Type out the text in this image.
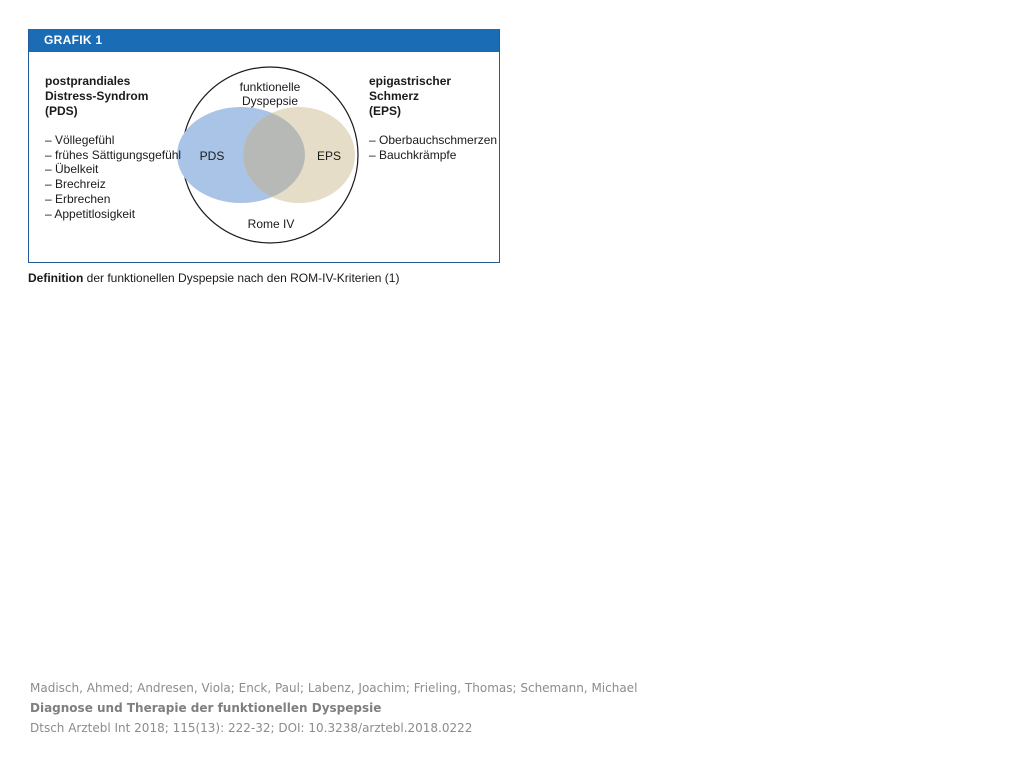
GRAFIK 1
postprandiales
Distress-Syndrom
(PDS)
– Völlegefühl
– frühes Sättigungsgefühl
– Übelkeit
– Brechreiz
– Erbrechen
– Appetitlosigkeit
epigastrischer
Schmerz
(EPS)
– Oberbauchschmerzen
– Bauchkrämpfe
funktionelle
Dyspepsie
PDS	EPS
Rome IV
Definition der funktionellen Dyspepsie nach den ROM-IV-Kriterien (1)
Madisch, Ahmed; Andresen, Viola; Enck, Paul; Labenz, Joachim; Frieling, Thomas; Schemann, Michael
Diagnose und Therapie der funktionellen Dyspepsie
Dtsch Arztebl Int 2018; 115(13): 222-32; DOI: 10.3238/arztebl.2018.0222
